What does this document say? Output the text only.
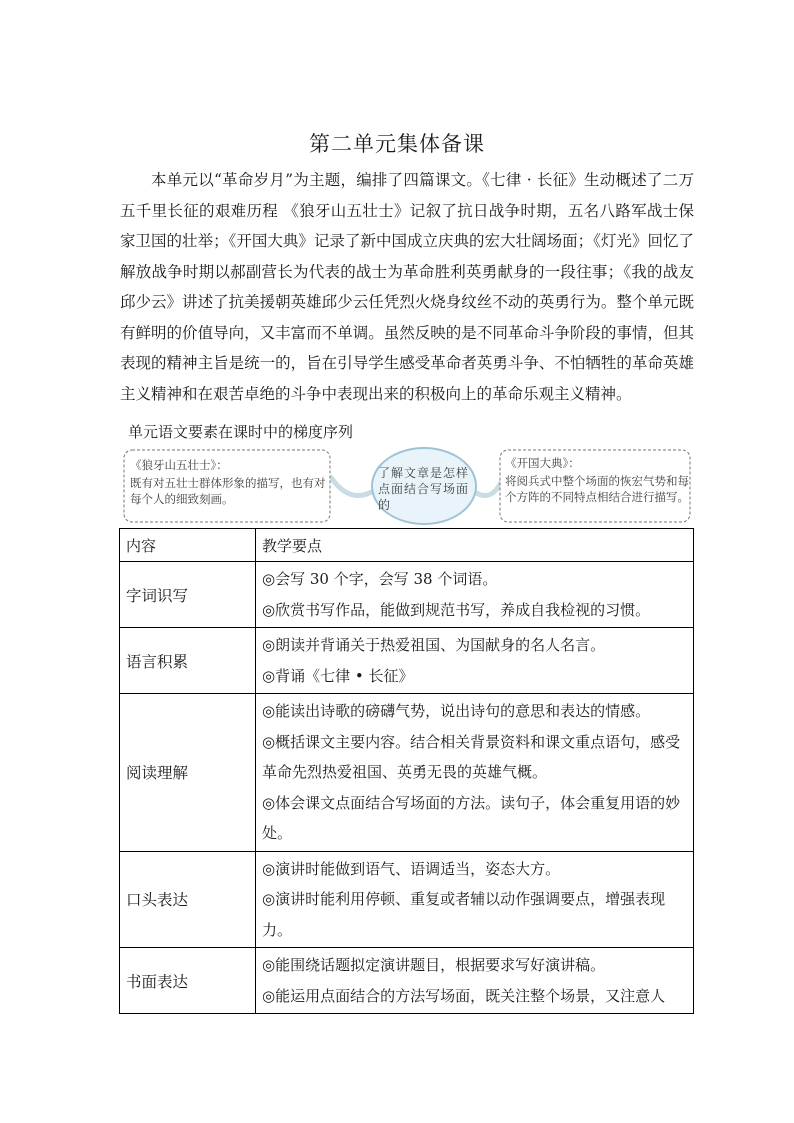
第二单元集体备课
本单元以“革命岁月”为主题，编排了四篇课文。《七律 · 长征》生动概述了二万五千里长征的艰难历程 《狼牙山五壮士》记叙了抗日战争时期，五名八路军战士保家卫国的壮举；《开国大典》记录了新中国成立庆典的宏大壮阔场面；《灯光》回忆了解放战争时期以郝副营长为代表的战士为革命胜利英勇献身的一段往事；《我的战友邱少云》讲述了抗美援朝英雄邱少云任凭烈火烧身纹丝不动的英勇行为。整个单元既有鲜明的价值导向，又丰富而不单调。虽然反映的是不同革命斗争阶段的事情，但其表现的精神主旨是统一的，旨在引导学生感受革命者英勇斗争、不怕牺牲的革命英雄主义精神和在艰苦卓绝的斗争中表现出来的积极向上的革命乐观主义精神。
单元语文要素在课时中的梯度序列
《狼牙山五壮士》：
既有对五壮士群体形象的描写，也有对每个人的细致刻画。
了解文章是怎样点面结合写场面的
《开国大典》：
将阅兵式中整个场面的恢宏气势和每个方阵的不同特点相结合进行描写。
内容	教学要点
字词识写	◎会写 30 个字，会写 38 个词语。
◎欣赏书写作品，能做到规范书写，养成自我检视的习惯。

语言积累	◎朗读并背诵关于热爱祖国、为国献身的名人名言。
◎背诵《七律 • 长征》

阅读理解	◎能读出诗歌的磅礴气势，说出诗句的意思和表达的情感。
◎概括课文主要内容。结合相关背景资料和课文重点语句，感受革命先烈热爱祖国、英勇无畏的英雄气概。
◎体会课文点面结合写场面的方法。读句子，体会重复用语的妙处。

口头表达	◎演讲时能做到语气、语调适当，姿态大方。
◎演讲时能利用停顿、重复或者辅以动作强调要点，增强表现力。

书面表达	◎能围绕话题拟定演讲题目，根据要求写好演讲稿。
◎能运用点面结合的方法写场面，既关注整个场景，又注意人
